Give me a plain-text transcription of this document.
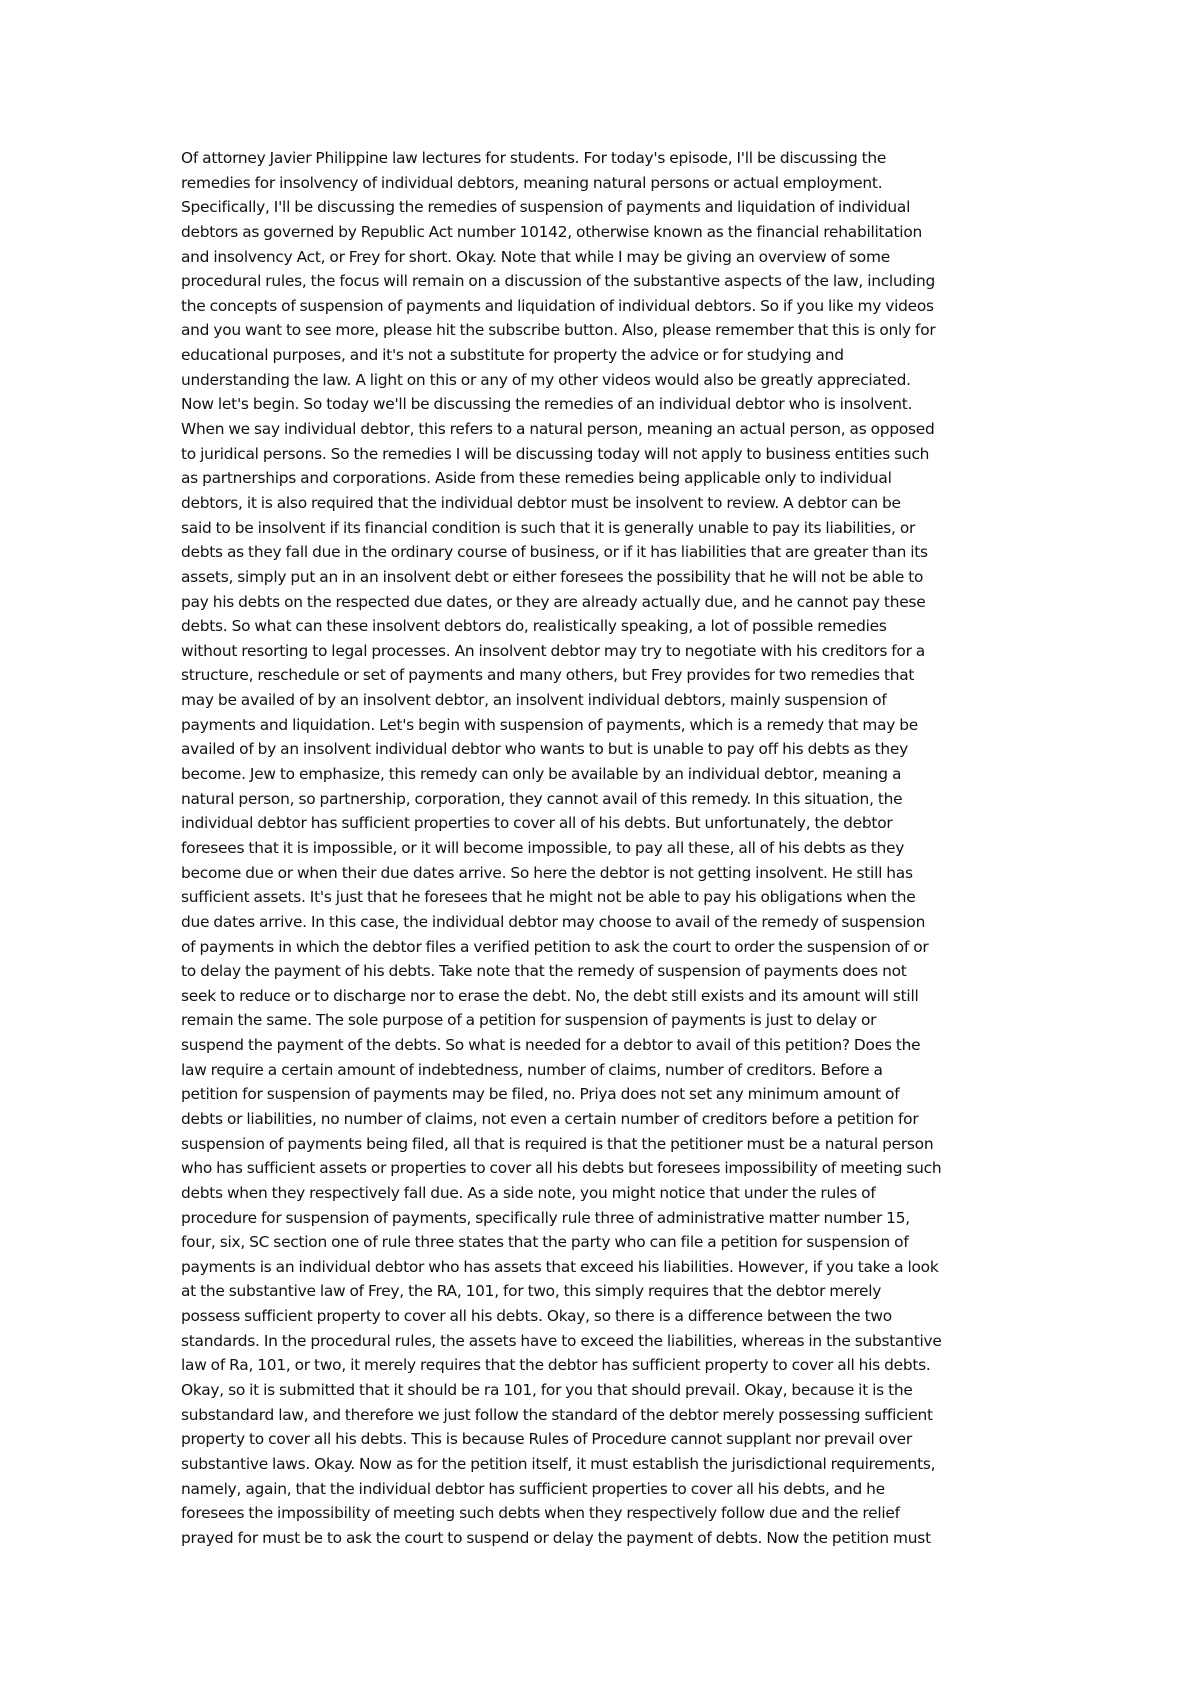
Of attorney Javier Philippine law lectures for students. For today's episode, I'll be discussing the
remedies for insolvency of individual debtors, meaning natural persons or actual employment.
Specifically, I'll be discussing the remedies of suspension of payments and liquidation of individual
debtors as governed by Republic Act number 10142, otherwise known as the financial rehabilitation
and insolvency Act, or Frey for short. Okay. Note that while I may be giving an overview of some
procedural rules, the focus will remain on a discussion of the substantive aspects of the law, including
the concepts of suspension of payments and liquidation of individual debtors. So if you like my videos
and you want to see more, please hit the subscribe button. Also, please remember that this is only for
educational purposes, and it's not a substitute for property the advice or for studying and
understanding the law. A light on this or any of my other videos would also be greatly appreciated.
Now let's begin. So today we'll be discussing the remedies of an individual debtor who is insolvent.
When we say individual debtor, this refers to a natural person, meaning an actual person, as opposed
to juridical persons. So the remedies I will be discussing today will not apply to business entities such
as partnerships and corporations. Aside from these remedies being applicable only to individual
debtors, it is also required that the individual debtor must be insolvent to review. A debtor can be
said to be insolvent if its financial condition is such that it is generally unable to pay its liabilities, or
debts as they fall due in the ordinary course of business, or if it has liabilities that are greater than its
assets, simply put an in an insolvent debt or either foresees the possibility that he will not be able to
pay his debts on the respected due dates, or they are already actually due, and he cannot pay these
debts. So what can these insolvent debtors do, realistically speaking, a lot of possible remedies
without resorting to legal processes. An insolvent debtor may try to negotiate with his creditors for a
structure, reschedule or set of payments and many others, but Frey provides for two remedies that
may be availed of by an insolvent debtor, an insolvent individual debtors, mainly suspension of
payments and liquidation. Let's begin with suspension of payments, which is a remedy that may be
availed of by an insolvent individual debtor who wants to but is unable to pay off his debts as they
become. Jew to emphasize, this remedy can only be available by an individual debtor, meaning a
natural person, so partnership, corporation, they cannot avail of this remedy. In this situation, the
individual debtor has sufficient properties to cover all of his debts. But unfortunately, the debtor
foresees that it is impossible, or it will become impossible, to pay all these, all of his debts as they
become due or when their due dates arrive. So here the debtor is not getting insolvent. He still has
sufficient assets. It's just that he foresees that he might not be able to pay his obligations when the
due dates arrive. In this case, the individual debtor may choose to avail of the remedy of suspension
of payments in which the debtor files a verified petition to ask the court to order the suspension of or
to delay the payment of his debts. Take note that the remedy of suspension of payments does not
seek to reduce or to discharge nor to erase the debt. No, the debt still exists and its amount will still
remain the same. The sole purpose of a petition for suspension of payments is just to delay or
suspend the payment of the debts. So what is needed for a debtor to avail of this petition? Does the
law require a certain amount of indebtedness, number of claims, number of creditors. Before a
petition for suspension of payments may be filed, no. Priya does not set any minimum amount of
debts or liabilities, no number of claims, not even a certain number of creditors before a petition for
suspension of payments being filed, all that is required is that the petitioner must be a natural person
who has sufficient assets or properties to cover all his debts but foresees impossibility of meeting such
debts when they respectively fall due. As a side note, you might notice that under the rules of
procedure for suspension of payments, specifically rule three of administrative matter number 15,
four, six, SC section one of rule three states that the party who can file a petition for suspension of
payments is an individual debtor who has assets that exceed his liabilities. However, if you take a look
at the substantive law of Frey, the RA, 101, for two, this simply requires that the debtor merely
possess sufficient property to cover all his debts. Okay, so there is a difference between the two
standards. In the procedural rules, the assets have to exceed the liabilities, whereas in the substantive
law of Ra, 101, or two, it merely requires that the debtor has sufficient property to cover all his debts.
Okay, so it is submitted that it should be ra 101, for you that should prevail. Okay, because it is the
substandard law, and therefore we just follow the standard of the debtor merely possessing sufficient
property to cover all his debts. This is because Rules of Procedure cannot supplant nor prevail over
substantive laws. Okay. Now as for the petition itself, it must establish the jurisdictional requirements,
namely, again, that the individual debtor has sufficient properties to cover all his debts, and he
foresees the impossibility of meeting such debts when they respectively follow due and the relief
prayed for must be to ask the court to suspend or delay the payment of debts. Now the petition must
